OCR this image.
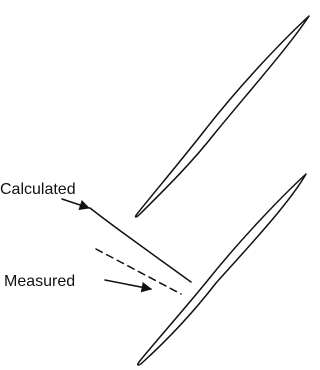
Calculated
Measured
